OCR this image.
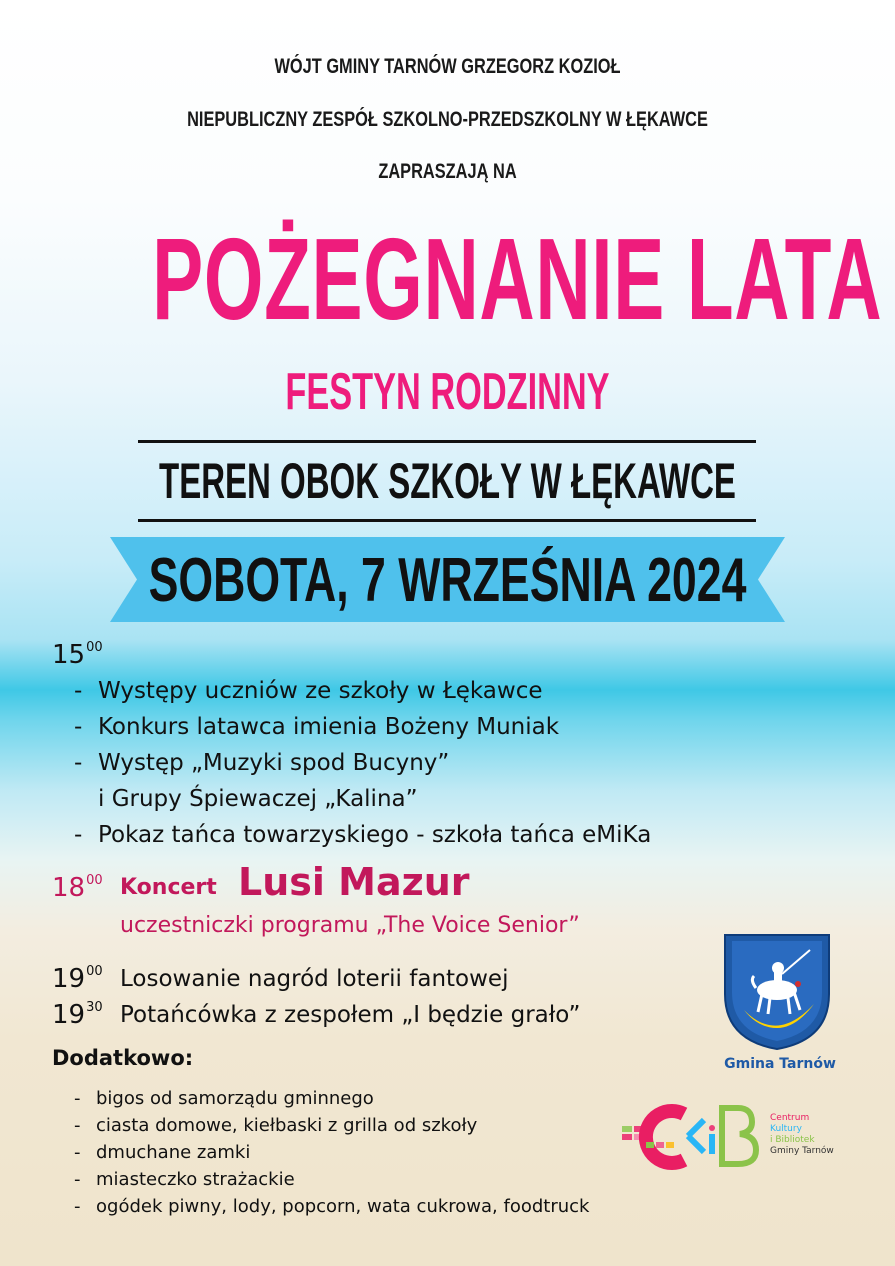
WÓJT GMINY TARNÓW GRZEGORZ KOZIOŁ
NIEPUBLICZNY ZESPÓŁ SZKOLNO-PRZEDSZKOLNY W ŁĘKAWCE
ZAPRASZAJĄ NA
POŻEGNANIE LATA
FESTYN RODZINNY
TEREN OBOK SZKOŁY W ŁĘKAWCE
SOBOTA, 7 WRZEŚNIA 2024
$15^{00}$
- Występy uczniów ze szkoły w Łękawce
- Konkurs latawca imienia Bożeny Muniak
- Występ „Muzyki spod Bucyny”
i Grupy Śpiewaczej „Kalina”
- Pokaz tańca towarzyskiego - szkoła tańca eMiKa
$18^{00}$ Koncert Lusi Mazur
uczestniczki programu „The Voice Senior”
$19^{00}$ Losowanie nagród loterii fantowej
$19^{30}$ Potańcówka z zespołem „I będzie grało”
Dodatkowo:
- bigos od samorządu gminnego
- ciasta domowe, kiełbaski z grilla od szkoły
- dmuchane zamki
- miasteczko strażackie
- ogódek piwny, lody, popcorn, wata cukrowa, foodtruck
Gmina Tarnów
Centrum
Kultury
i Bibliotek
Gminy Tarnów
